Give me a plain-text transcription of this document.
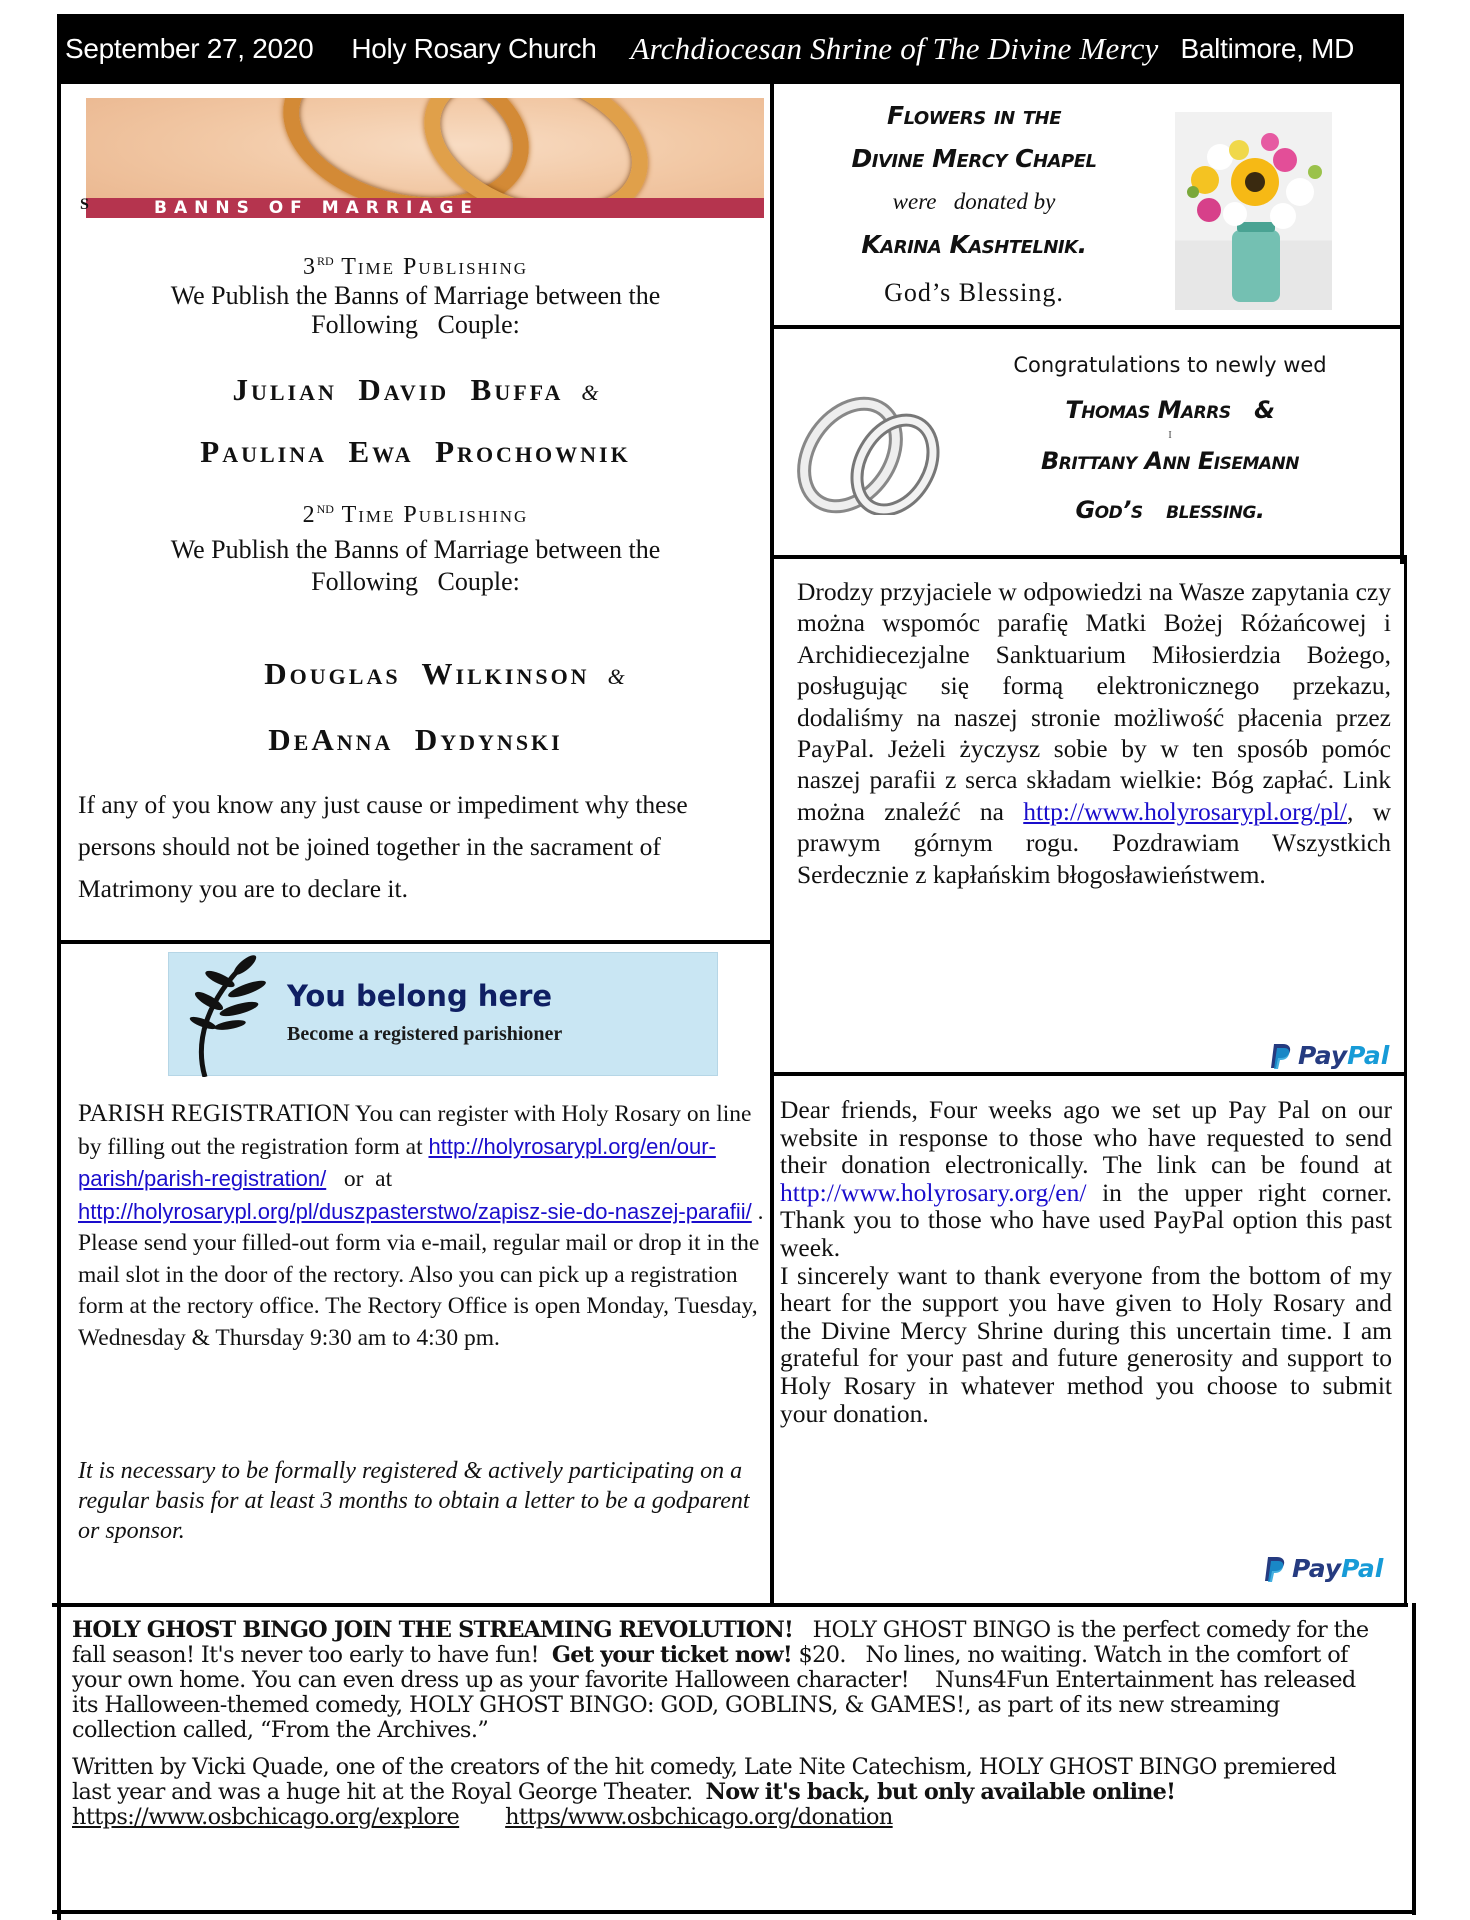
September 27, 2020 Holy Rosary Church Archdiocesan Shrine of The Divine Mercy Baltimore, MD
BANNS OF MARRIAGE
S
3RD Time Publishing
We Publish the Banns of Marriage between the
Following   Couple:
Julian  David  Buffa &
Paulina  Ewa  Prochownik
2ND Time Publishing
We Publish the Banns of Marriage between the
Following   Couple:
Douglas  Wilkinson &
DeAnna  Dydynski
If any of you know any just cause or impediment why these persons should not be joined together in the sacrament of Matrimony you are to declare it.
Flowers in the
Divine Mercy Chapel
were   donated by
Karina Kashtelnik.
God’s Blessing.
Congratulations to newly wed
Thomas Marrs   &
I
Brittany Ann Eisemann
God’s   blessing.
Drodzy przyjaciele w odpowiedzi na Wasze zapytania czy można wspomóc parafię Matki Bożej Różańcowej i Archidiecezjalne Sanktuarium Miłosierdzia Bożego, posługując się formą elektronicznego przekazu, dodaliśmy na naszej stronie możliwość płacenia przez PayPal. Jeżeli życzysz sobie by w ten sposób pomóc naszej parafii z serca składam wielkie: Bóg zapłać. Link można znaleźć na http://www.holyrosarypl.org/pl/, w prawym górnym rogu. Pozdrawiam Wszystkich Serdecznie z kapłańskim błogosławieństwem.
PayPal
You belong here
Become a registered parishioner
PARISH REGISTRATION You can register with Holy Rosary on line by filling out the registration form at http://holyrosarypl.org/en/our-parish/parish-registration/   or  at http://holyrosarypl.org/pl/duszpasterstwo/zapisz-sie-do-naszej-parafii/ . Please send your filled-out form via e-mail, regular mail or drop it in the mail slot in the door of the rectory. Also you can pick up a registration form at the rectory office. The Rectory Office is open Monday, Tuesday, Wednesday & Thursday 9:30 am to 4:30 pm.
It is necessary to be formally registered & actively participating on a regular basis for at least 3 months to obtain a letter to be a godparent or sponsor.
Dear friends, Four weeks ago we set up Pay Pal on our website in response to those who have requested to send their donation electronically. The link can be found at http://www.holyrosary.org/en/ in the upper right corner. Thank you to those who have used PayPal option this past week.
I sincerely want to thank everyone from the bottom of my heart for the support you have given to Holy Rosary and the Divine Mercy Shrine during this uncertain time. I am grateful for your past and future generosity and support to Holy Rosary in whatever method you choose to submit your donation.
PayPal
HOLY GHOST BINGO JOIN THE STREAMING REVOLUTION!   HOLY GHOST BINGO is the perfect comedy for the fall season! It's never too early to have fun!  Get your ticket now! $20.   No lines, no waiting. Watch in the comfort of your own home. You can even dress up as your favorite Halloween character!    Nuns4Fun Entertainment has released its Halloween-themed comedy, HOLY GHOST BINGO: GOD, GOBLINS, & GAMES!, as part of its new streaming collection called, “From the Archives.”
Written by Vicki Quade, one of the creators of the hit comedy, Late Nite Catechism, HOLY GHOST BINGO premiered last year and was a huge hit at the Royal George Theater.  Now it's back, but only available online!https://www.osbchicago.org/explore https/www.osbchicago.org/donation
